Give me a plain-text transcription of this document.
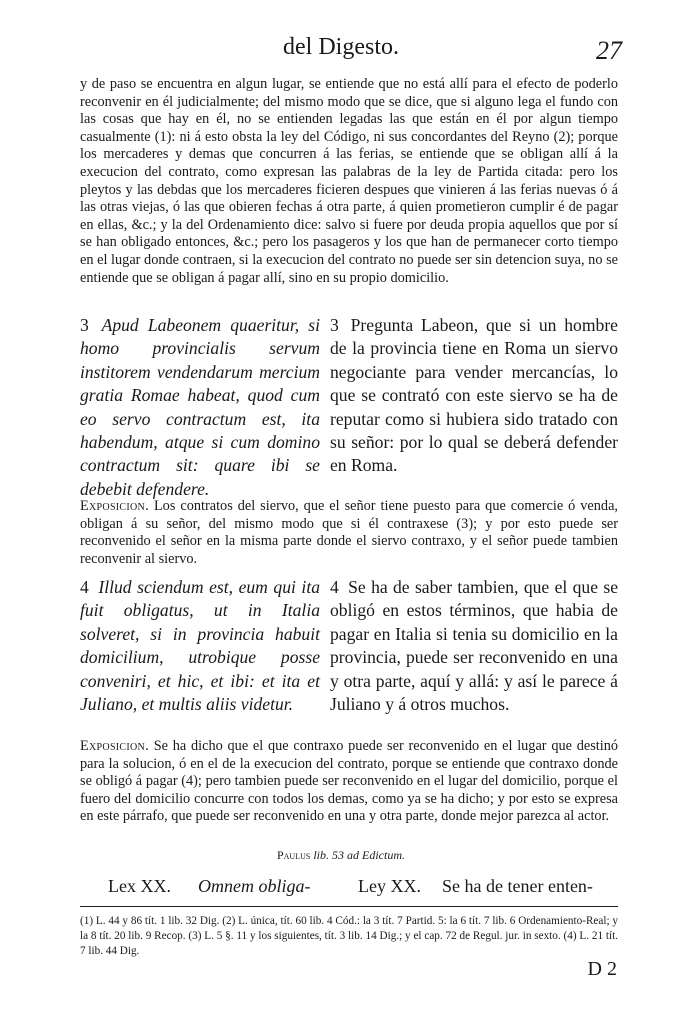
del Digesto.	27

y de paso se encuentra en algun lugar, se entiende que no está allí para el efecto de poderlo reconvenir en él judicialmente; del mismo modo que se dice, que si alguno lega el fundo con las cosas que hay en él, no se entienden legadas las que están en él por algun tiempo casualmente (1): ni á esto obsta la ley del Código, ni sus concordantes del Reyno (2); porque los mercaderes y demas que concurren á las ferias, se entiende que se obligan allí á la execucion del contrato, como expresan las palabras de la ley de Partida citada: pero los pleytos y las debdas que los mercaderes ficieren despues que vinieren á las ferias nuevas ó á las otras viejas, ó las que obieren fechas á otra parte, á quien prometieron cumplir é de pagar en ellas, &c.; y la del Ordenamiento dice: salvo si fuere por deuda propia aquellos que por sí se han obligado entonces, &c.; pero los pasageros y los que han de permanecer corto tiempo en el lugar donde contraen, si la execucion del contrato no puede ser sin detencion suya, no se entiende que se obligan á pagar allí, sino en su propio domicilio.

3 Apud Labeonem quaeritur, si homo provincialis servum institorem vendendarum mercium gratia Romae habeat, quod cum eo servo contractum est, ita habendum, atque si cum domino contractum sit: quare ibi se debebit defendere.
3 Pregunta Labeon, que si un hombre de la provincia tiene en Roma un siervo negociante para vender mercancías, lo que se contrató con este siervo se ha de reputar como si hubiera sido tratado con su señor: por lo qual se deberá defender en Roma.

Exposicion. Los contratos del siervo, que el señor tiene puesto para que comercie ó venda, obligan á su señor, del mismo modo que si él contraxese (3); y por esto puede ser reconvenido el señor en la misma parte donde el siervo contraxo, y el señor puede tambien reconvenir al siervo.

4 Illud sciendum est, eum qui ita fuit obligatus, ut in Italia solveret, si in provincia habuit domicilium, utrobique posse conveniri, et hic, et ibi: et ita et Juliano, et multis aliis videtur.
4 Se ha de saber tambien, que el que se obligó en estos términos, que habia de pagar en Italia si tenia su domicilio en la provincia, puede ser reconvenido en una y otra parte, aquí y allá: y así le parece á Juliano y á otros muchos.

Exposicion. Se ha dicho que el que contraxo puede ser reconvenido en el lugar que destinó para la solucion, ó en el de la execucion del contrato, porque se entiende que contraxo donde se obligó á pagar (4); pero tambien puede ser reconvenido en el lugar del domicilio, porque el fuero del domicilio concurre con todos los demas, como ya se ha dicho; y por esto se expresa en este párrafo, que puede ser reconvenido en una y otra parte, donde mejor parezca al actor.

Paulus lib. 53 ad Edictum.
Lex XX. Omnem obliga-	Ley XX. Se ha de tener enten-
(1) L. 44 y 86 tít. 1 lib. 32 Dig. (2) L. única, tít. 60 lib. 4 Cód.: la 3 tít. 7 Partid. 5: la 6 tít. 7 lib. 6 Ordenamiento-Real; y la 8 tít. 20 lib. 9 Recop. (3) L. 5 §. 11 y los siguientes, tít. 3 lib. 14 Dig.; y el cap. 72 de Regul. jur. in sexto. (4) L. 21 tít. 7 lib. 44 Dig.
D 2
